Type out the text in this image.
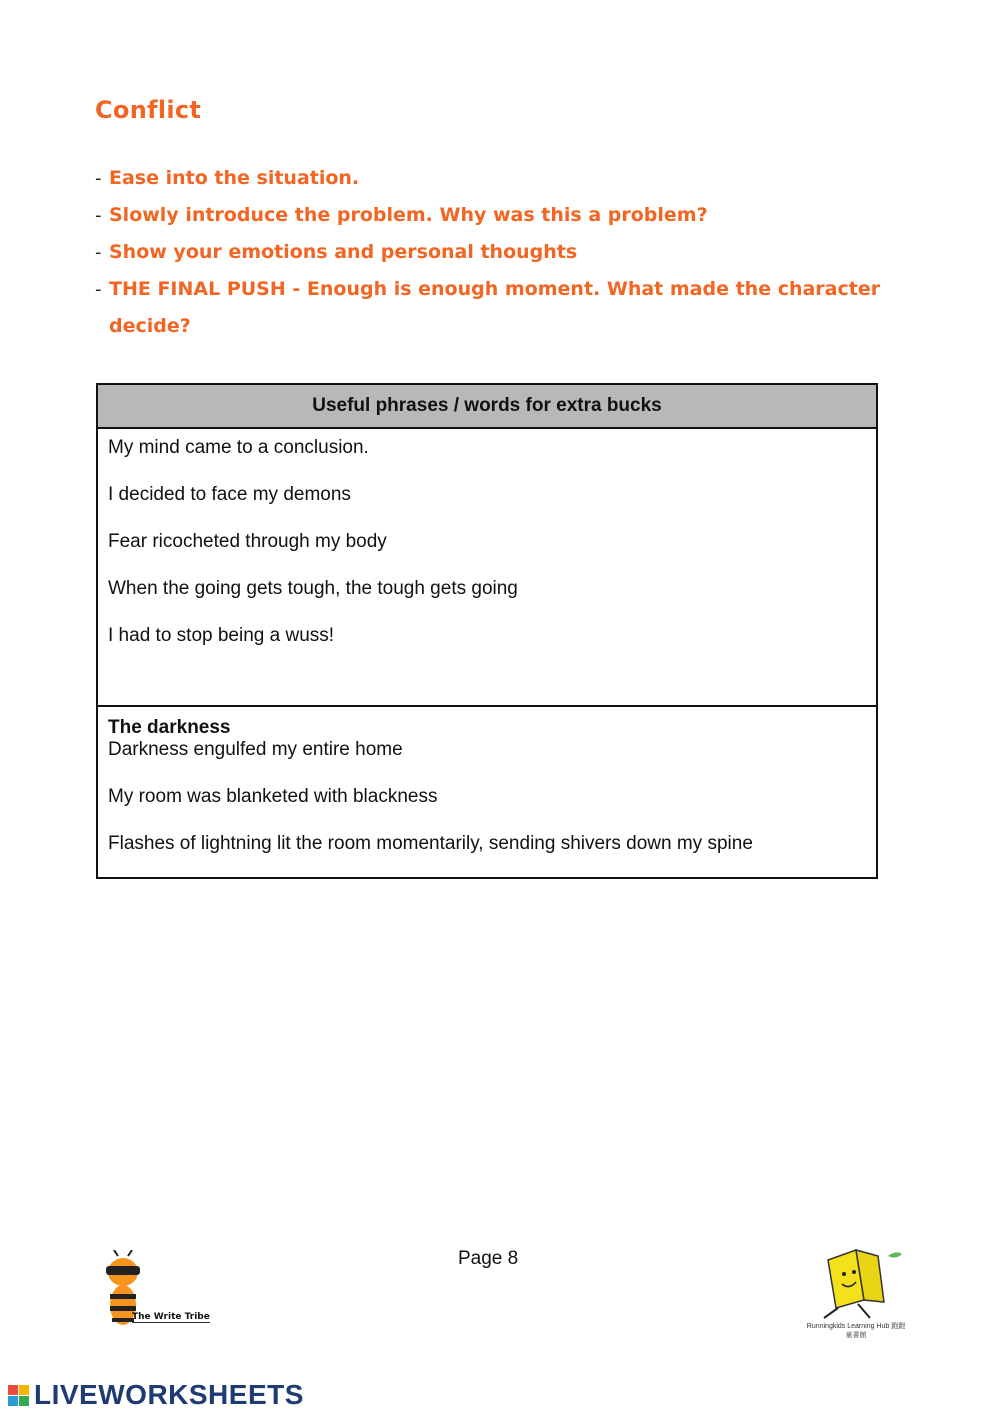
Conflict
- Ease into the situation.
- Slowly introduce the problem. Why was this a problem?
- Show your emotions and personal thoughts
- THE FINAL PUSH - Enough is enough moment. What made the character decide?
Useful phrases / words for extra bucks
My mind came to a conclusion.
I decided to face my demons
Fear ricocheted through my body
When the going gets tough, the tough gets going
I had to stop being a wuss!
The darkness
Darkness engulfed my entire home
My room was blanketed with blackness
Flashes of lightning lit the room momentarily, sending shivers down my spine
Page 8
The Write Tribe
Runningkids Learning Hub 跑跑童書館
LIVEWORKSHEETS
